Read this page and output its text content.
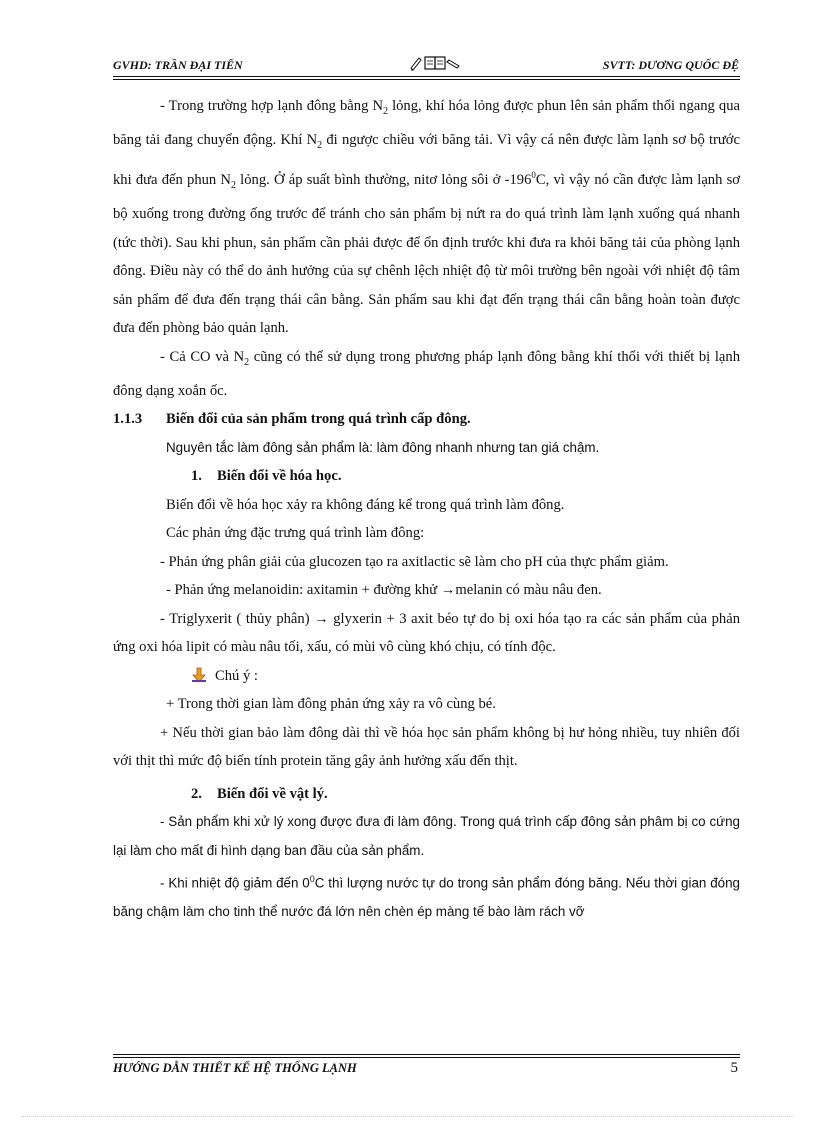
GVHD: TRẦN ĐẠI TIẾN	SVTT: DƯƠNG QUỐC ĐỆ

- Trong trường hợp lạnh đông bằng $N_2$ lỏng, khí hóa lỏng được phun lên sản phẩm thổi ngang qua băng tải đang chuyển động. Khí $N_2$ đi ngược chiều với băng tải. Vì vậy cá nên được làm lạnh sơ bộ trước khi đưa đến phun $N_2$ lỏng. Ở áp suất bình thường, nitơ lỏng sôi ở $-196^0C$, vì vậy nó cần được làm lạnh sơ bộ xuống trong đường ống trước để tránh cho sản phẩm bị nứt ra do quá trình làm lạnh xuống quá nhanh (tức thời). Sau khi phun, sản phẩm cần phải được để ổn định trước khi đưa ra khỏi băng tải của phòng lạnh đông. Điều này có thể do ảnh hưởng của sự chênh lệch nhiệt độ từ môi trường bên ngoài với nhiệt độ tâm sản phẩm để đưa đến trạng thái cân bằng. Sản phẩm sau khi đạt đến trạng thái cân bằng hoàn toàn được đưa đến phòng bảo quản lạnh.

- Cả CO và $N_2$ cũng có thể sử dụng trong phương pháp lạnh đông bằng khí thổi với thiết bị lạnh đông dạng xoắn ốc.

1.1.3	Biến đổi của sản phẩm trong quá trình cấp đông.

Nguyên tắc làm đông sản phẩm là: làm đông nhanh nhưng tan giá chậm.

1. Biến đổi về hóa học.

Biến đổi về hóa học xảy ra không đáng kể trong quá trình làm đông.

Các phản ứng đặc trưng quá trình làm đông:

- Phản ứng phân giải của glucozen tạo ra axitlactic sẽ làm cho pH của thực phẩm giảm.

- Phản ứng melanoidin: axitamin + đường khử →melanin có màu nâu đen.

- Triglyxerit ( thủy phân) → glyxerin + 3 axit béo tự do bị oxi hóa tạo ra các sản phẩm của phản ứng oxi hóa lipit có màu nâu tối, xấu, có mùi vô cùng khó chịu, có tính độc.

Chú ý :

+ Trong thời gian làm đông phản ứng xảy ra vô cùng bé.

+ Nếu thời gian bảo làm đông dài thì về hóa học sản phẩm không bị hư hỏng nhiều, tuy nhiên đối với thịt thì mức độ biến tính protein tăng gây ảnh hưởng xấu đến thịt.

2. Biến đổi về vật lý.

- Sản phẩm khi xử lý xong được đưa đi làm đông. Trong quá trình cấp đông sản phâm bị co cứng lại làm cho mất đi hình dạng ban đầu của sản phẩm.

- Khi nhiệt độ giảm đến $0^0C$ thì lượng nước tự do trong sản phẩm đóng băng. Nếu thời gian đóng băng chậm làm cho tinh thể nước đá lớn nên chèn ép màng tế bào làm rách vỡ

HƯỚNG DẪN THIẾT KẾ HỆ THỐNG LẠNH	5
